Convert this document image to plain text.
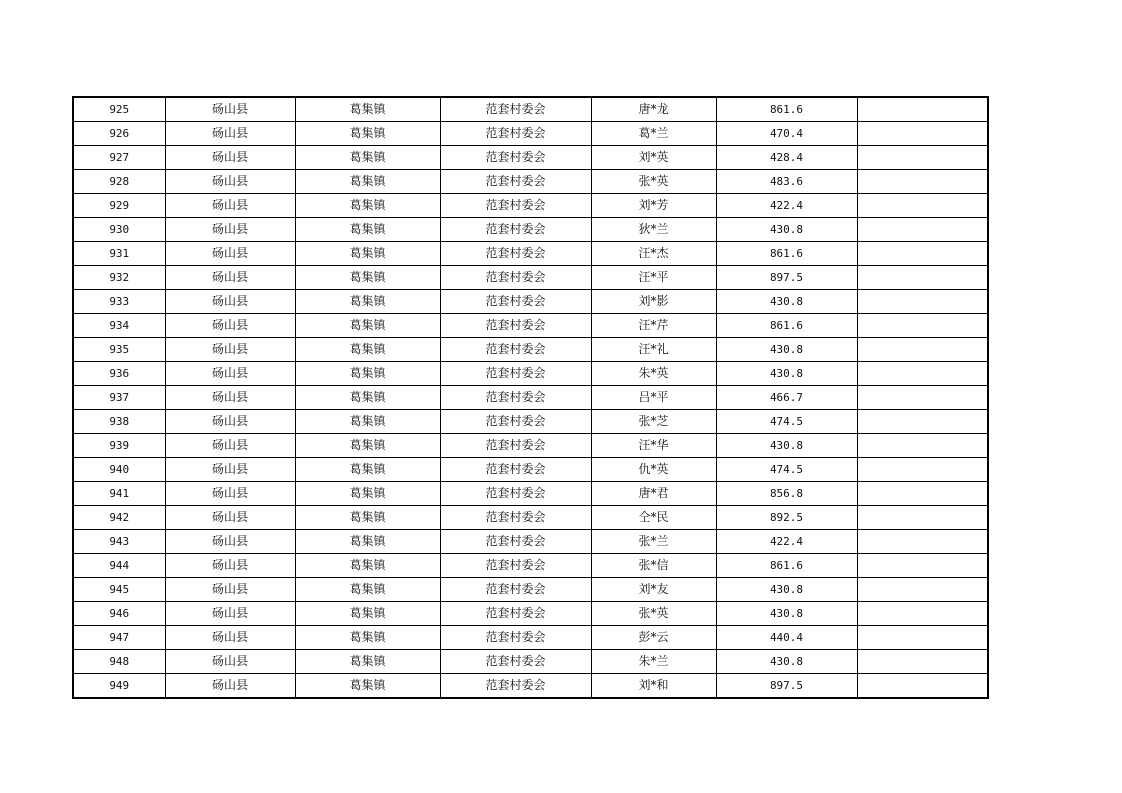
925	砀山县	葛集镇	范套村委会	唐*龙	861.6	
926	砀山县	葛集镇	范套村委会	葛*兰	470.4	
927	砀山县	葛集镇	范套村委会	刘*英	428.4	
928	砀山县	葛集镇	范套村委会	张*英	483.6	
929	砀山县	葛集镇	范套村委会	刘*芳	422.4	
930	砀山县	葛集镇	范套村委会	狄*兰	430.8	
931	砀山县	葛集镇	范套村委会	汪*杰	861.6	
932	砀山县	葛集镇	范套村委会	汪*平	897.5	
933	砀山县	葛集镇	范套村委会	刘*影	430.8	
934	砀山县	葛集镇	范套村委会	汪*芹	861.6	
935	砀山县	葛集镇	范套村委会	汪*礼	430.8	
936	砀山县	葛集镇	范套村委会	朱*英	430.8	
937	砀山县	葛集镇	范套村委会	吕*平	466.7	
938	砀山县	葛集镇	范套村委会	张*芝	474.5	
939	砀山县	葛集镇	范套村委会	汪*华	430.8	
940	砀山县	葛集镇	范套村委会	仇*英	474.5	
941	砀山县	葛集镇	范套村委会	唐*君	856.8	
942	砀山县	葛集镇	范套村委会	仝*民	892.5	
943	砀山县	葛集镇	范套村委会	张*兰	422.4	
944	砀山县	葛集镇	范套村委会	张*信	861.6	
945	砀山县	葛集镇	范套村委会	刘*友	430.8	
946	砀山县	葛集镇	范套村委会	张*英	430.8	
947	砀山县	葛集镇	范套村委会	彭*云	440.4	
948	砀山县	葛集镇	范套村委会	朱*兰	430.8	
949	砀山县	葛集镇	范套村委会	刘*和	897.5	
